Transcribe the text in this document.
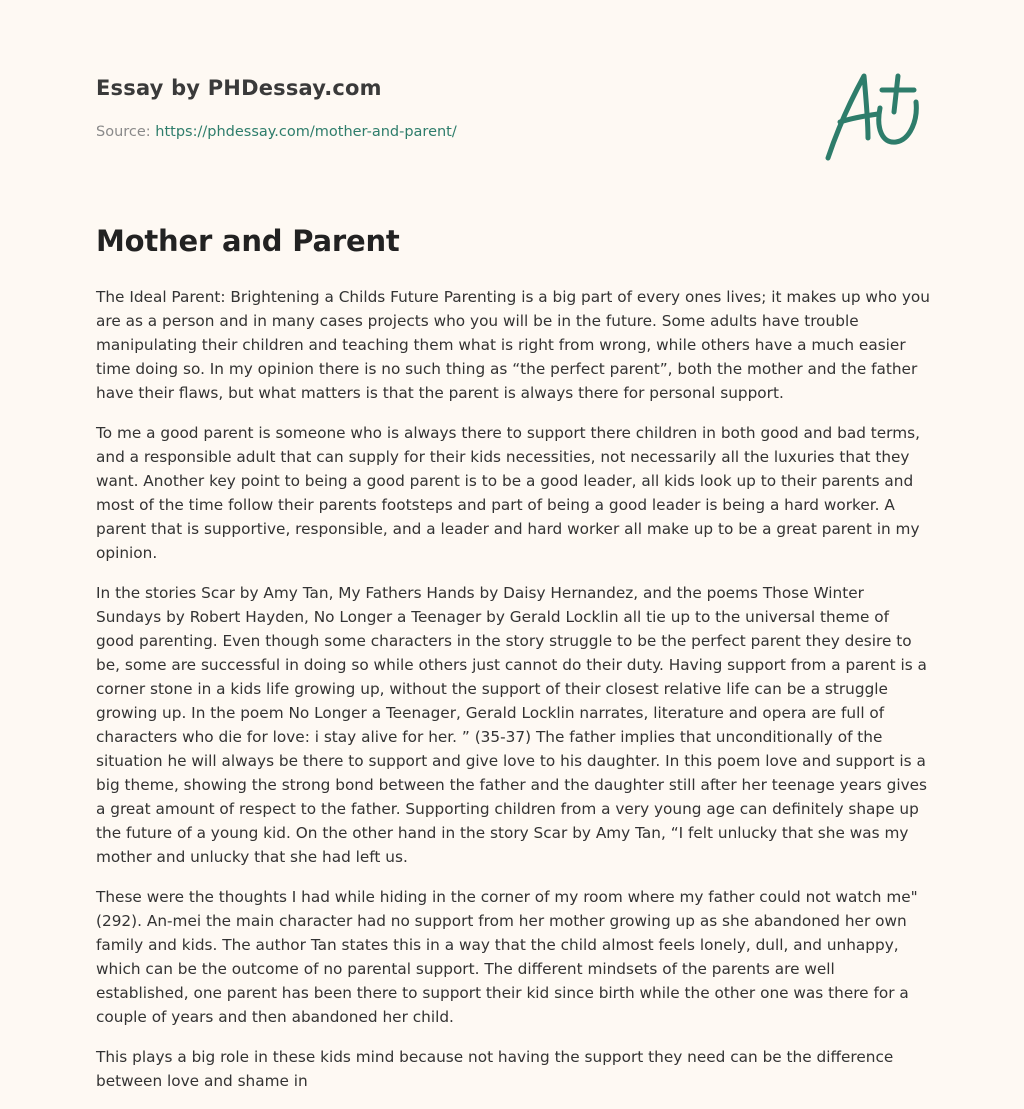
Essay by PHDessay.com
Source: https://phdessay.com/mother-and-parent/
Mother and Parent

The Ideal Parent: Brightening a Childs Future Parenting is a big part of every ones lives; it makes up who you are as a person and in many cases projects who you will be in the future. Some adults have trouble manipulating their children and teaching them what is right from wrong, while others have a much easier time doing so. In my opinion there is no such thing as “the perfect parent”, both the mother and the father have their flaws, but what matters is that the parent is always there for personal support.

To me a good parent is someone who is always there to support there children in both good and bad terms, and a responsible adult that can supply for their kids necessities, not necessarily all the luxuries that they want. Another key point to being a good parent is to be a good leader, all kids look up to their parents and most of the time follow their parents footsteps and part of being a good leader is being a hard worker. A parent that is supportive, responsible, and a leader and hard worker all make up to be a great parent in my opinion.

In the stories Scar by Amy Tan, My Fathers Hands by Daisy Hernandez, and the poems Those Winter Sundays by Robert Hayden, No Longer a Teenager by Gerald Locklin all tie up to the universal theme of good parenting. Even though some characters in the story struggle to be the perfect parent they desire to be, some are successful in doing so while others just cannot do their duty. Having support from a parent is a corner stone in a kids life growing up, without the support of their closest relative life can be a struggle growing up. In the poem No Longer a Teenager, Gerald Locklin narrates, literature and opera are full of characters who die for love: i stay alive for her. ” (35-37) The father implies that unconditionally of the situation he will always be there to support and give love to his daughter. In this poem love and support is a big theme, showing the strong bond between the father and the daughter still after her teenage years gives a great amount of respect to the father. Supporting children from a very young age can definitely shape up the future of a young kid. On the other hand in the story Scar by Amy Tan, “I felt unlucky that she was my mother and unlucky that she had left us.

These were the thoughts I had while hiding in the corner of my room where my father could not watch me" (292). An-mei the main character had no support from her mother growing up as she abandoned her own family and kids. The author Tan states this in a way that the child almost feels lonely, dull, and unhappy, which can be the outcome of no parental support. The different mindsets of the parents are well established, one parent has been there to support their kid since birth while the other one was there for a couple of years and then abandoned her child.

This plays a big role in these kids mind because not having the support they need can be the difference between love and shame in
